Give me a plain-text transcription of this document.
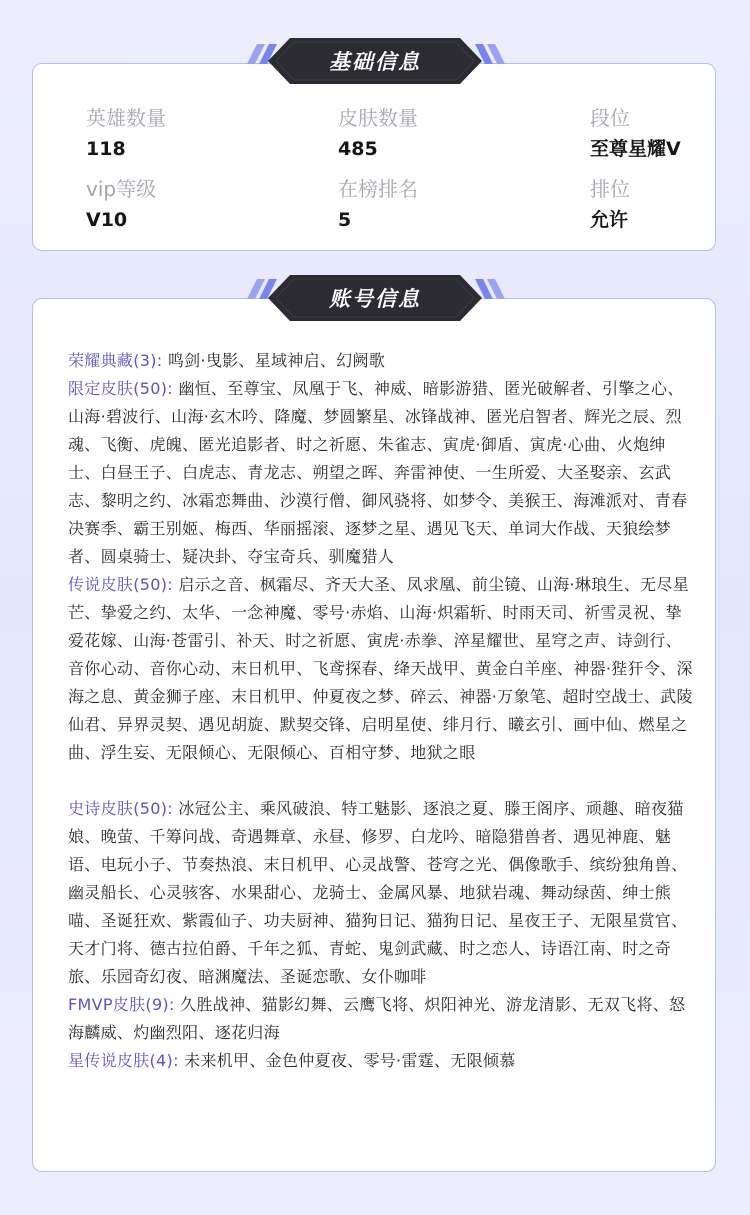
英雄数量
118
皮肤数量
485
段位
至尊星耀V
vip等级
V10
在榜排名
5
排位
允许
基础信息

荣耀典藏(3): 鸣剑·曳影、星域神启、幻阙歌

限定皮肤(50): 幽恒、至尊宝、凤凰于飞、神威、暗影游猎、匿光破解者、引擎之心、山海·碧波行、山海·玄木吟、降魔、梦圆繁星、冰锋战神、匿光启智者、辉光之辰、烈魂、飞衡、虎魄、匿光追影者、时之祈愿、朱雀志、寅虎·御盾、寅虎·心曲、火炮绅士、白昼王子、白虎志、青龙志、朔望之晖、奔雷神使、一生所爱、大圣娶亲、玄武志、黎明之约、冰霜恋舞曲、沙漠行僧、御风骁将、如梦令、美猴王、海滩派对、青春决赛季、霸王别姬、梅西、华丽摇滚、逐梦之星、遇见飞天、单词大作战、天狼绘梦者、圆桌骑士、疑决卦、夺宝奇兵、驯魔猎人

传说皮肤(50): 启示之音、枫霜尽、齐天大圣、凤求凰、前尘镜、山海·琳琅生、无尽星芒、挚爱之约、太华、一念神魔、零号·赤焰、山海·炽霜斩、时雨天司、祈雪灵祝、挚爱花嫁、山海·苍雷引、补天、时之祈愿、寅虎·赤拳、淬星耀世、星穹之声、诗剑行、音你心动、音你心动、末日机甲、飞鸢探春、绛天战甲、黄金白羊座、神器·狴犴令、深海之息、黄金狮子座、末日机甲、仲夏夜之梦、碎云、神器·万象笔、超时空战士、武陵仙君、异界灵契、遇见胡旋、默契交锋、启明星使、绯月行、曦玄引、画中仙、燃星之曲、浮生妄、无限倾心、无限倾心、百相守梦、地狱之眼

史诗皮肤(50): 冰冠公主、乘风破浪、特工魅影、逐浪之夏、滕王阁序、顽趣、暗夜猫娘、晚萤、千筹问战、奇遇舞章、永昼、修罗、白龙吟、暗隐猎兽者、遇见神鹿、魅语、电玩小子、节奏热浪、末日机甲、心灵战警、苍穹之光、偶像歌手、缤纷独角兽、幽灵船长、心灵骇客、水果甜心、龙骑士、金属风暴、地狱岩魂、舞动绿茵、绅士熊喵、圣诞狂欢、紫霞仙子、功夫厨神、猫狗日记、猫狗日记、星夜王子、无限星赏官、天才门将、德古拉伯爵、千年之狐、青蛇、鬼剑武藏、时之恋人、诗语江南、时之奇旅、乐园奇幻夜、暗渊魔法、圣诞恋歌、女仆咖啡

FMVP皮肤(9): 久胜战神、猫影幻舞、云鹰飞将、炽阳神光、游龙清影、无双飞将、怒海麟威、灼幽烈阳、逐花归海

星传说皮肤(4): 未来机甲、金色仲夏夜、零号·雷霆、无限倾慕

账号信息
